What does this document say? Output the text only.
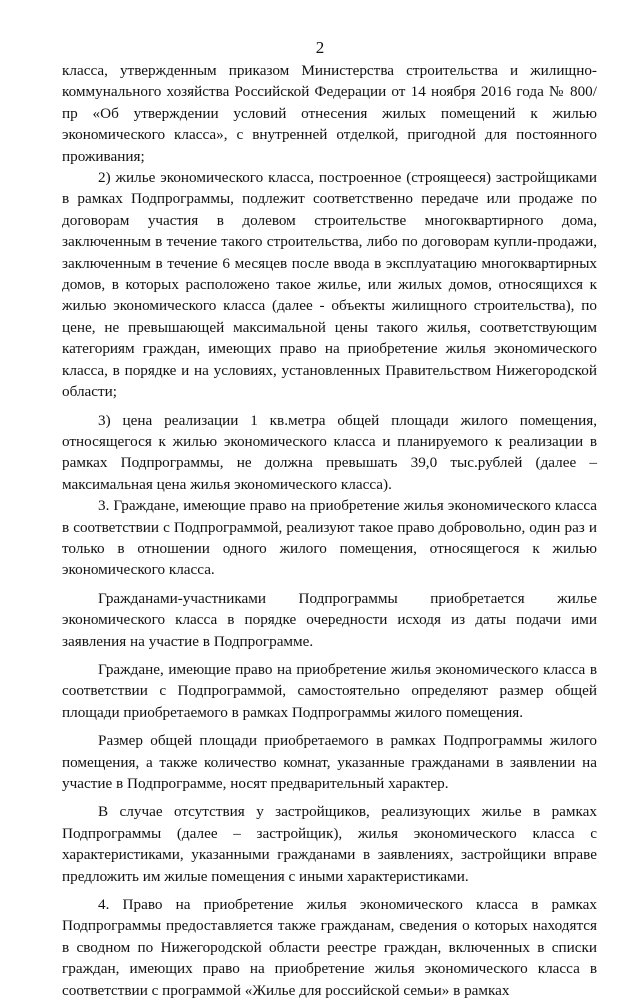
2

класса, утвержденным приказом Министерства строительства и жилищно-коммунального хозяйства Российской Федерации от 14 ноября 2016 года № 800/пр «Об утверждении условий отнесения жилых помещений к жилью экономического класса», с внутренней отделкой, пригодной для постоянного проживания;

2) жилье экономического класса, построенное (строящееся) застройщиками в рамках Подпрограммы, подлежит соответственно передаче или продаже по договорам участия в долевом строительстве многоквартирного дома, заключенным в течение такого строительства, либо по договорам купли-продажи, заключенным в течение 6 месяцев после ввода в эксплуатацию многоквартирных домов, в которых расположено такое жилье, или жилых домов, относящихся к жилью экономического класса (далее - объекты жилищного строительства), по цене, не превышающей максимальной цены такого жилья, соответствующим категориям граждан, имеющих право на приобретение жилья экономического класса, в порядке и на условиях, установленных Правительством Нижегородской области;

3) цена реализации 1 кв.метра общей площади жилого помещения, относящегося к жилью экономического класса и планируемого к реализации в рамках Подпрограммы, не должна превышать 39,0 тыс.рублей (далее – максимальная цена жилья экономического класса).

3. Граждане, имеющие право на приобретение жилья экономического класса в соответствии с Подпрограммой, реализуют такое право добровольно, один раз и только в отношении одного жилого помещения, относящегося к жилью экономического класса.

Гражданами-участниками Подпрограммы приобретается жилье экономического класса в порядке очередности исходя из даты подачи ими заявления на участие в Подпрограмме.

Граждане, имеющие право на приобретение жилья экономического класса в соответствии с Подпрограммой, самостоятельно определяют размер общей площади приобретаемого в рамках Подпрограммы жилого помещения.

Размер общей площади приобретаемого в рамках Подпрограммы жилого помещения, а также количество комнат, указанные гражданами в заявлении на участие в Подпрограмме, носят предварительный характер.

В случае отсутствия у застройщиков, реализующих жилье в рамках Подпрограммы (далее – застройщик), жилья экономического класса с характеристиками, указанными гражданами в заявлениях, застройщики вправе предложить им жилые помещения с иными характеристиками.

4. Право на приобретение жилья экономического класса в рамках Подпрограммы предоставляется также гражданам, сведения о которых находятся в сводном по Нижегородской области реестре граждан, включенных в списки граждан, имеющих право на приобретение жилья экономического класса в соответствии с программой «Жилье для российской семьи» в рамках
